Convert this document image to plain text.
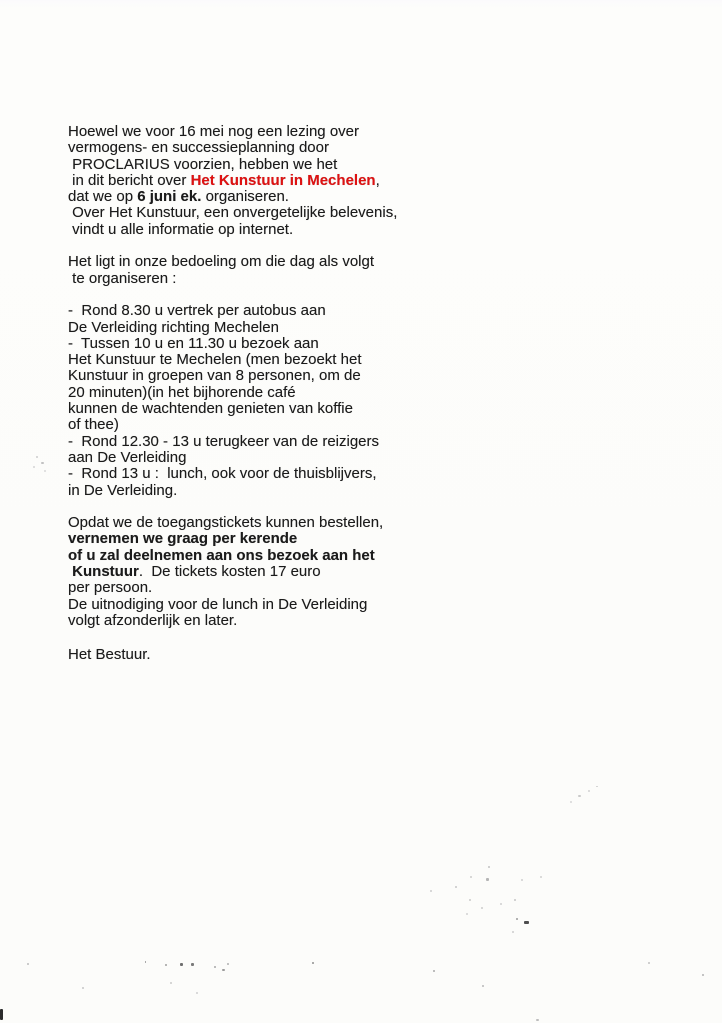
Hoewel we voor 16 mei nog een lezing over
vermogens- en successieplanning door
PROCLARIUS voorzien, hebben we het
in dit bericht over Het Kunstuur in Mechelen,
dat we op 6 juni ek. organiseren.
Over Het Kunstuur, een onvergetelijke belevenis,
vindt u alle informatie op internet.
Het ligt in onze bedoeling om die dag als volgt
te organiseren :
-  Rond 8.30 u vertrek per autobus aan
De Verleiding richting Mechelen
-  Tussen 10 u en 11.30 u bezoek aan
Het Kunstuur te Mechelen (men bezoekt het
Kunstuur in groepen van 8 personen, om de
20 minuten)(in het bijhorende café
kunnen de wachtenden genieten van koffie
of thee)
-  Rond 12.30 - 13 u terugkeer van de reizigers
aan De Verleiding
-  Rond 13 u :  lunch, ook voor de thuisblijvers,
in De Verleiding.
Opdat we de toegangstickets kunnen bestellen,
vernemen we graag per kerende
of u zal deelnemen aan ons bezoek aan het
Kunstuur.  De tickets kosten 17 euro
per persoon.
De uitnodiging voor de lunch in De Verleiding
volgt afzonderlijk en later.
Het Bestuur.
